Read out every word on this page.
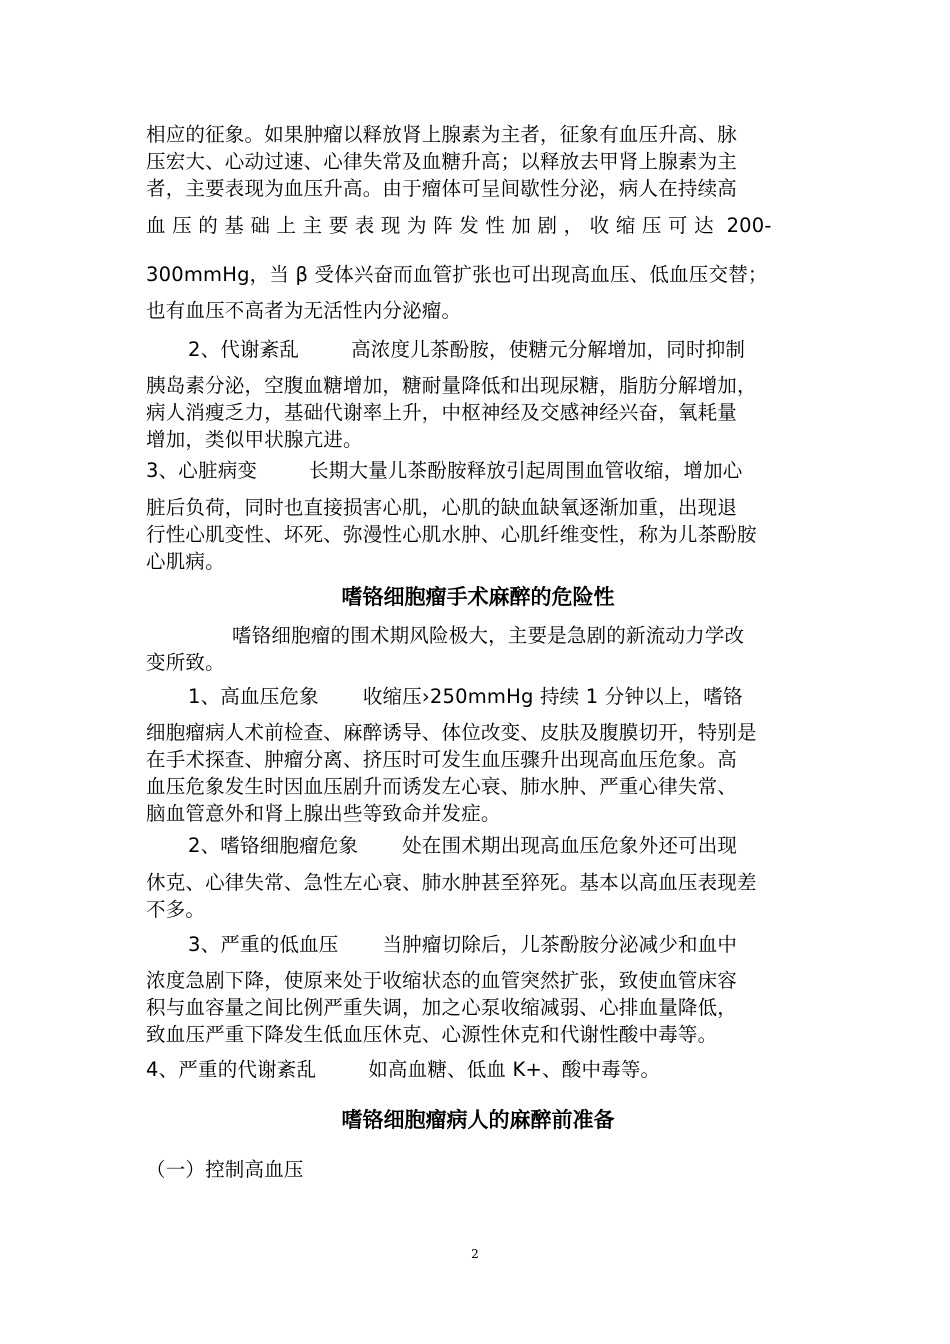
相应的征象。如果肿瘤以释放肾上腺素为主者，征象有血压升高、脉
压宏大、心动过速、心律失常及血糖升高；以释放去甲肾上腺素为主
者，主要表现为血压升高。由于瘤体可呈间歇性分泌，病人在持续高
血 压 的 基 础 上 主 要 表 现 为 阵 发 性 加 剧 ， 收 缩 压 可 达  200-
300mmHg，当 β 受体兴奋而血管扩张也可出现高血压、低血压交替；
也有血压不高者为无活性内分泌瘤。
2、代谢紊乱	高浓度儿茶酚胺，使糖元分解增加，同时抑制
胰岛素分泌，空腹血糖增加，糖耐量降低和出现尿糖，脂肪分解增加，
病人消瘦乏力，基础代谢率上升，中枢神经及交感神经兴奋，氧耗量
增加，类似甲状腺亢进。
3、心脏病变	长期大量儿茶酚胺释放引起周围血管收缩，增加心
脏后负荷，同时也直接损害心肌，心肌的缺血缺氧逐渐加重，出现退
行性心肌变性、坏死、弥漫性心肌水肿、心肌纤维变性，称为儿茶酚胺
心肌病。
嗜铬细胞瘤手术麻醉的危险性
嗜铬细胞瘤的围术期风险极大，主要是急剧的新流动力学改
变所致。
1、高血压危象 收缩压›250mmHg 持续 1 分钟以上，嗜铬
细胞瘤病人术前检查、麻醉诱导、体位改变、皮肤及腹膜切开，特别是
在手术探查、肿瘤分离、挤压时可发生血压骤升出现高血压危象。高
血压危象发生时因血压剧升而诱发左心衰、肺水肿、严重心律失常、
脑血管意外和肾上腺出些等致命并发症。
2、嗜铬细胞瘤危象 处在围术期出现高血压危象外还可出现
休克、心律失常、急性左心衰、肺水肿甚至猝死。基本以高血压表现差
不多。
3、严重的低血压 当肿瘤切除后，儿茶酚胺分泌减少和血中
浓度急剧下降，使原来处于收缩状态的血管突然扩张，致使血管床容
积与血容量之间比例严重失调，加之心泵收缩减弱、心排血量降低，
致血压严重下降发生低血压休克、心源性休克和代谢性酸中毒等。
4、严重的代谢紊乱	如高血糖、低血 K+、酸中毒等。
嗜铬细胞瘤病人的麻醉前准备
（一）控制高血压
2
